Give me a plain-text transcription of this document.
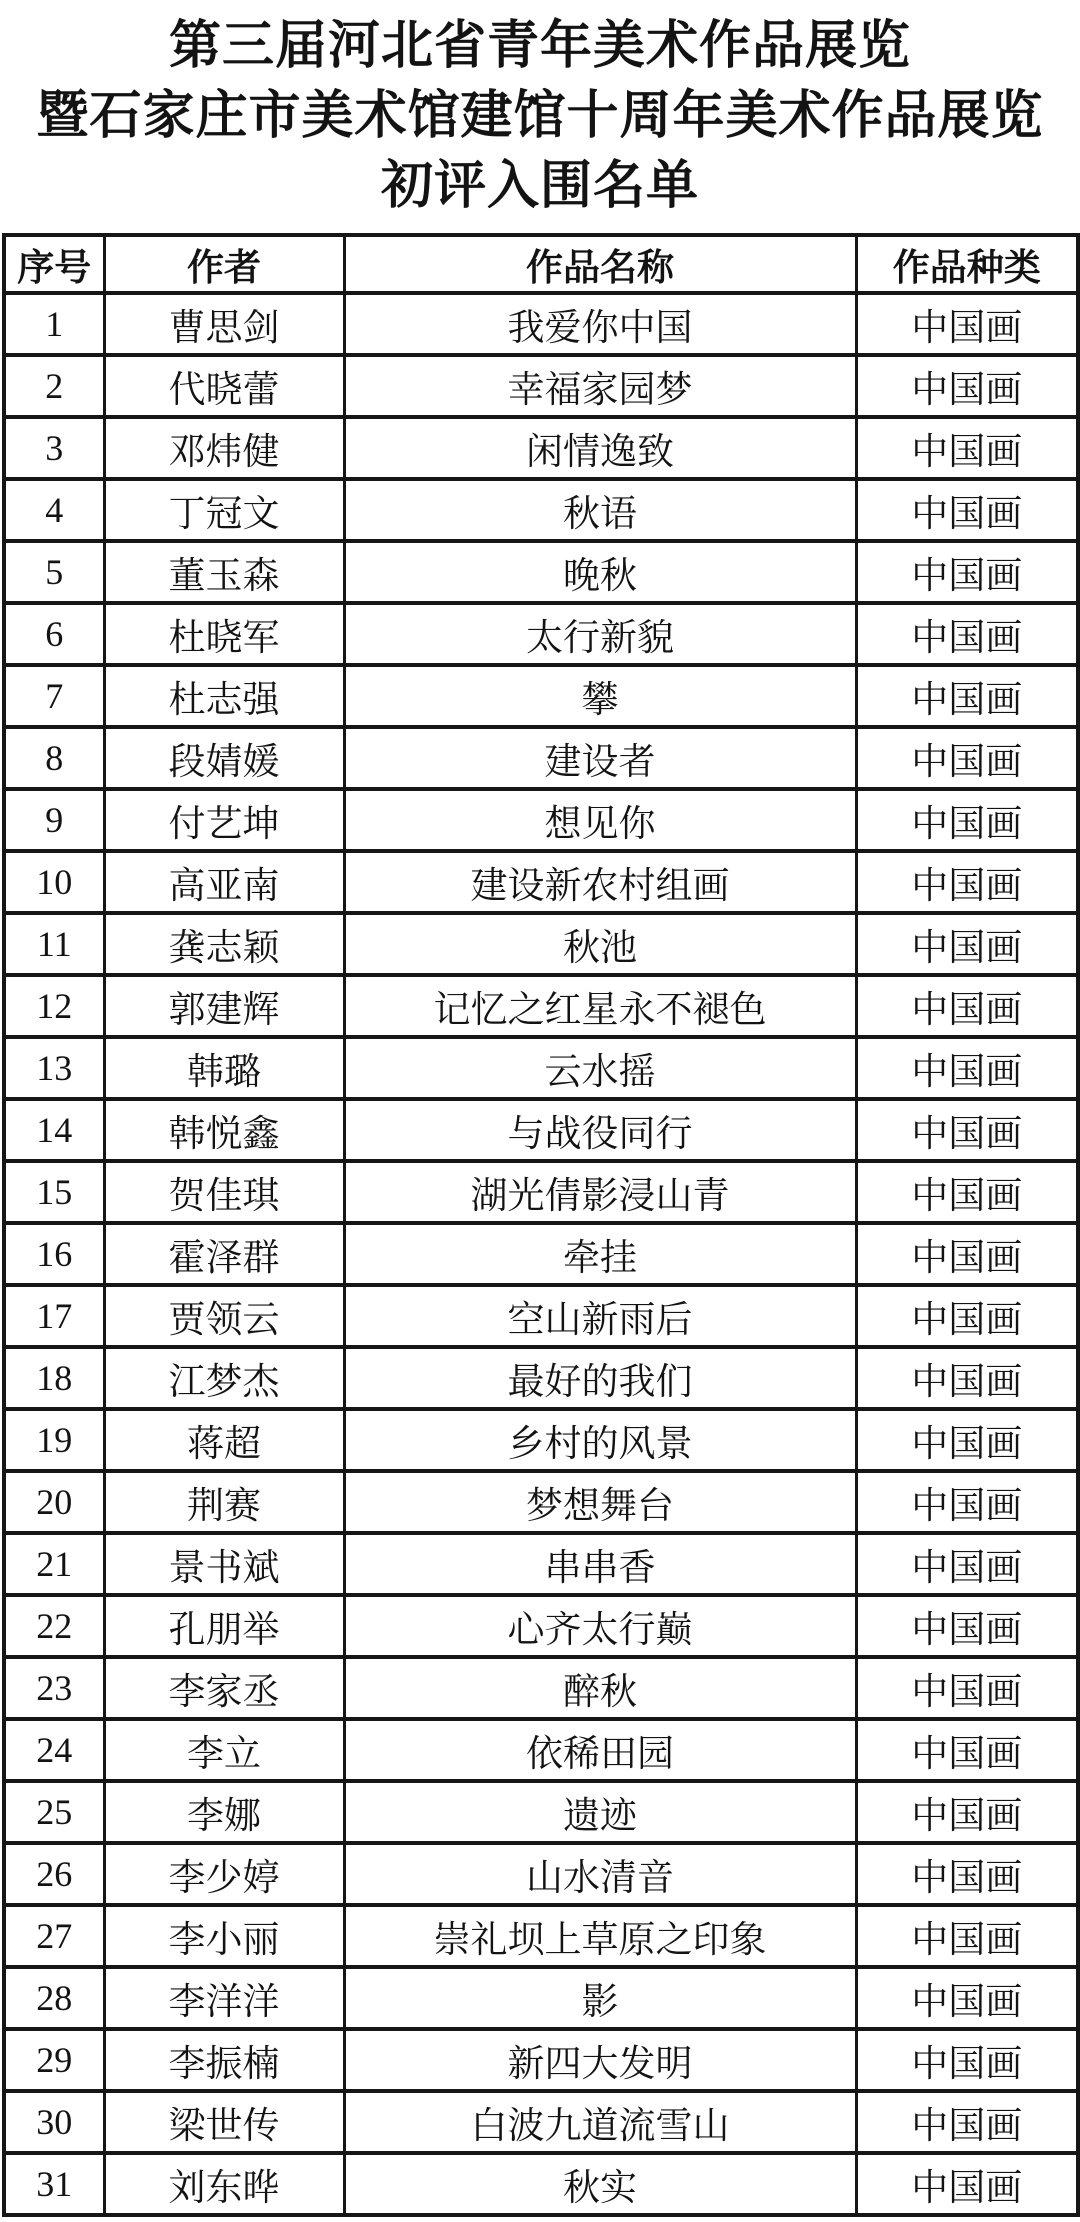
第三届河北省青年美术作品展览
暨石家庄市美术馆建馆十周年美术作品展览
初评入围名单
序号	作者	作品名称	作品种类
1	曹思剑	我爱你中国	中国画
2	代晓蕾	幸福家园梦	中国画
3	邓炜健	闲情逸致	中国画
4	丁冠文	秋语	中国画
5	董玉森	晚秋	中国画
6	杜晓军	太行新貌	中国画
7	杜志强	攀	中国画
8	段婧媛	建设者	中国画
9	付艺坤	想见你	中国画
10	高亚南	建设新农村组画	中国画
11	龚志颖	秋池	中国画
12	郭建辉	记忆之红星永不褪色	中国画
13	韩璐	云水摇	中国画
14	韩悦鑫	与战役同行	中国画
15	贺佳琪	湖光倩影浸山青	中国画
16	霍泽群	牵挂	中国画
17	贾领云	空山新雨后	中国画
18	江梦杰	最好的我们	中国画
19	蒋超	乡村的风景	中国画
20	荆赛	梦想舞台	中国画
21	景书斌	串串香	中国画
22	孔朋举	心齐太行巅	中国画
23	李家丞	醉秋	中国画
24	李立	依稀田园	中国画
25	李娜	遗迹	中国画
26	李少婷	山水清音	中国画
27	李小丽	崇礼坝上草原之印象	中国画
28	李洋洋	影	中国画
29	李振楠	新四大发明	中国画
30	梁世传	白波九道流雪山	中国画
31	刘东晔	秋实	中国画
